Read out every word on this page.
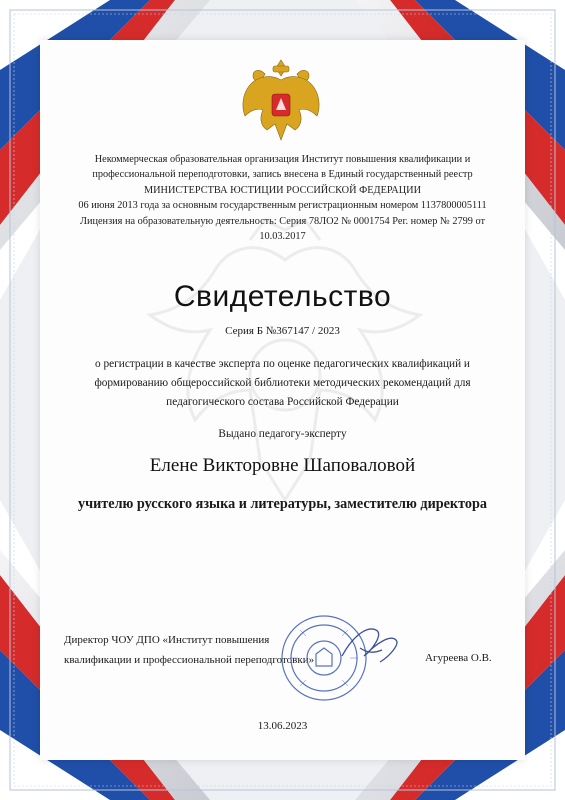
Некоммерческая образовательная организация Институт повышения квалификации и
профессиональной переподготовки, запись внесена в Единый государственный реестр
МИНИСТЕРСТВА ЮСТИЦИИ РОССИЙСКОЙ ФЕДЕРАЦИИ
06 июня 2013 года за основным государственным регистрационным номером 1137800005111
Лицензия на образовательную деятельность: Серия 78ЛО2 № 0001754 Рег. номер № 2799 от
10.03.2017
Свидетельство
Серия Б №367147 / 2023
о регистрации в качестве эксперта по оценке педагогических квалификаций и
формированию общероссийской библиотеки методических рекомендаций для
педагогического состава Российской Федерации
Выдано педагогу-эксперту
Елене Викторовне Шаповаловой
учителю русского языка и литературы, заместителю директора
Директор ЧОУ ДПО «Институт повышения
квалификации и профессиональной переподготовки»	Агуреева О.В.
13.06.2023
